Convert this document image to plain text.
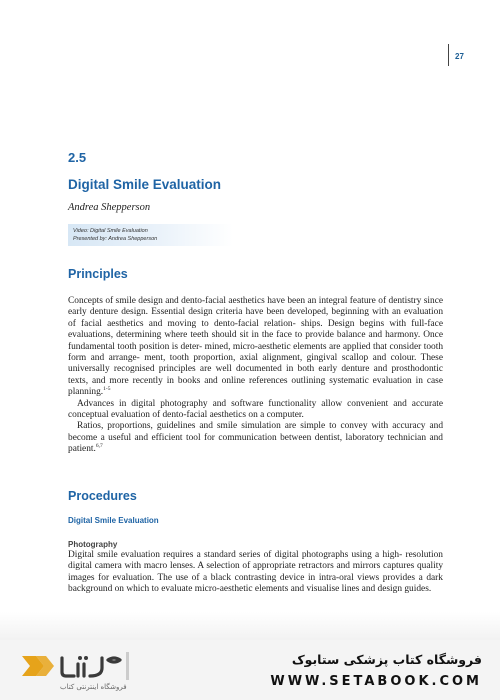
27
2.5
Digital Smile Evaluation
Andrea Shepperson
Video: Digital Smile Evaluation
Presented by: Andrea Shepperson
Principles

Concepts of smile design and dento-facial aesthetics have been an integral feature of dentistry since early denture design. Essential design criteria have been developed, beginning with an evaluation of facial aesthetics and moving to dento-facial relation- ships. Design begins with full-face evaluations, determining where teeth should sit in the face to provide balance and harmony. Once fundamental tooth position is deter- mined, micro-aesthetic elements are applied that consider tooth form and arrange- ment, tooth proportion, axial alignment, gingival scallop and colour. These universally recognised principles are well documented in both early denture and prosthodontic texts, and more recently in books and online references outlining systematic evaluation in case planning.$^{1-5}$

Advances in digital photography and software functionality allow convenient and accurate conceptual evaluation of dento-facial aesthetics on a computer.

Ratios, proportions, guidelines and smile simulation are simple to convey with accuracy and become a useful and efficient tool for communication between dentist, laboratory technician and patient.$^{6,7}$

Procedures
Digital Smile Evaluation
Photography

Digital smile evaluation requires a standard series of digital photographs using a high- resolution digital camera with macro lenses. A selection of appropriate retractors and mirrors captures quality images for evaluation. The use of a black contrasting device in intra-oral views provides a dark background on which to evaluate micro-aesthetic elements and visualise lines and design guides.

فروشگاه اینترنتی کتاب
فروشگاه کتاب پزشکی ستابوک
WWW.SETABOOK.COM
